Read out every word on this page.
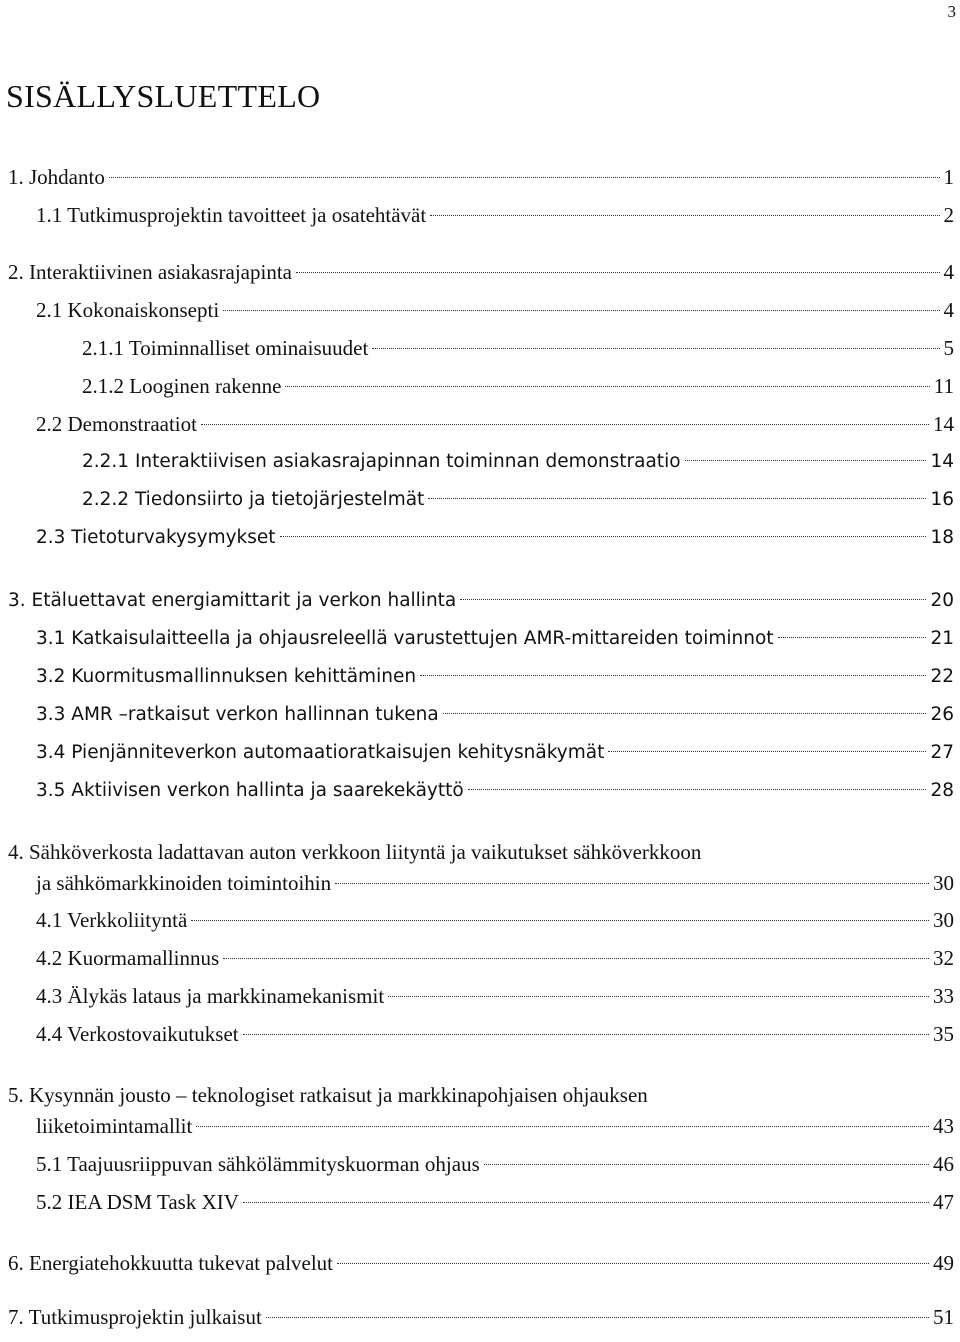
3
SISÄLLYSLUETTELO
1. Johdanto	1
1.1 Tutkimusprojektin tavoitteet ja osatehtävät	2
2. Interaktiivinen asiakasrajapinta	4
2.1 Kokonaiskonsepti	4
2.1.1 Toiminnalliset ominaisuudet	5
2.1.2 Looginen rakenne	11
2.2 Demonstraatiot	14
2.2.1 Interaktiivisen asiakasrajapinnan toiminnan demonstraatio	14
2.2.2 Tiedonsiirto ja tietojärjestelmät	16
2.3 Tietoturvakysymykset	18
3. Etäluettavat energiamittarit ja verkon hallinta	20
3.1 Katkaisulaitteella ja ohjausreleellä varustettujen AMR-mittareiden toiminnot	21
3.2 Kuormitusmallinnuksen kehittäminen	22
3.3 AMR –ratkaisut verkon hallinnan tukena	26
3.4 Pienjänniteverkon automaatioratkaisujen kehitysnäkymät	27
3.5 Aktiivisen verkon hallinta ja saarekekäyttö	28
4. Sähköverkosta ladattavan auton verkkoon liityntä ja vaikutukset sähköverkkoon
ja sähkömarkkinoiden toimintoihin	30
4.1 Verkkoliityntä	30
4.2 Kuormamallinnus	32
4.3 Älykäs lataus ja markkinamekanismit	33
4.4 Verkostovaikutukset	35
5. Kysynnän jousto – teknologiset ratkaisut ja markkinapohjaisen ohjauksen
liiketoimintamallit	43
5.1 Taajuusriippuvan sähkölämmityskuorman ohjaus	46
5.2 IEA DSM Task XIV	47
6. Energiatehokkuutta tukevat palvelut	49
7. Tutkimusprojektin julkaisut	51
